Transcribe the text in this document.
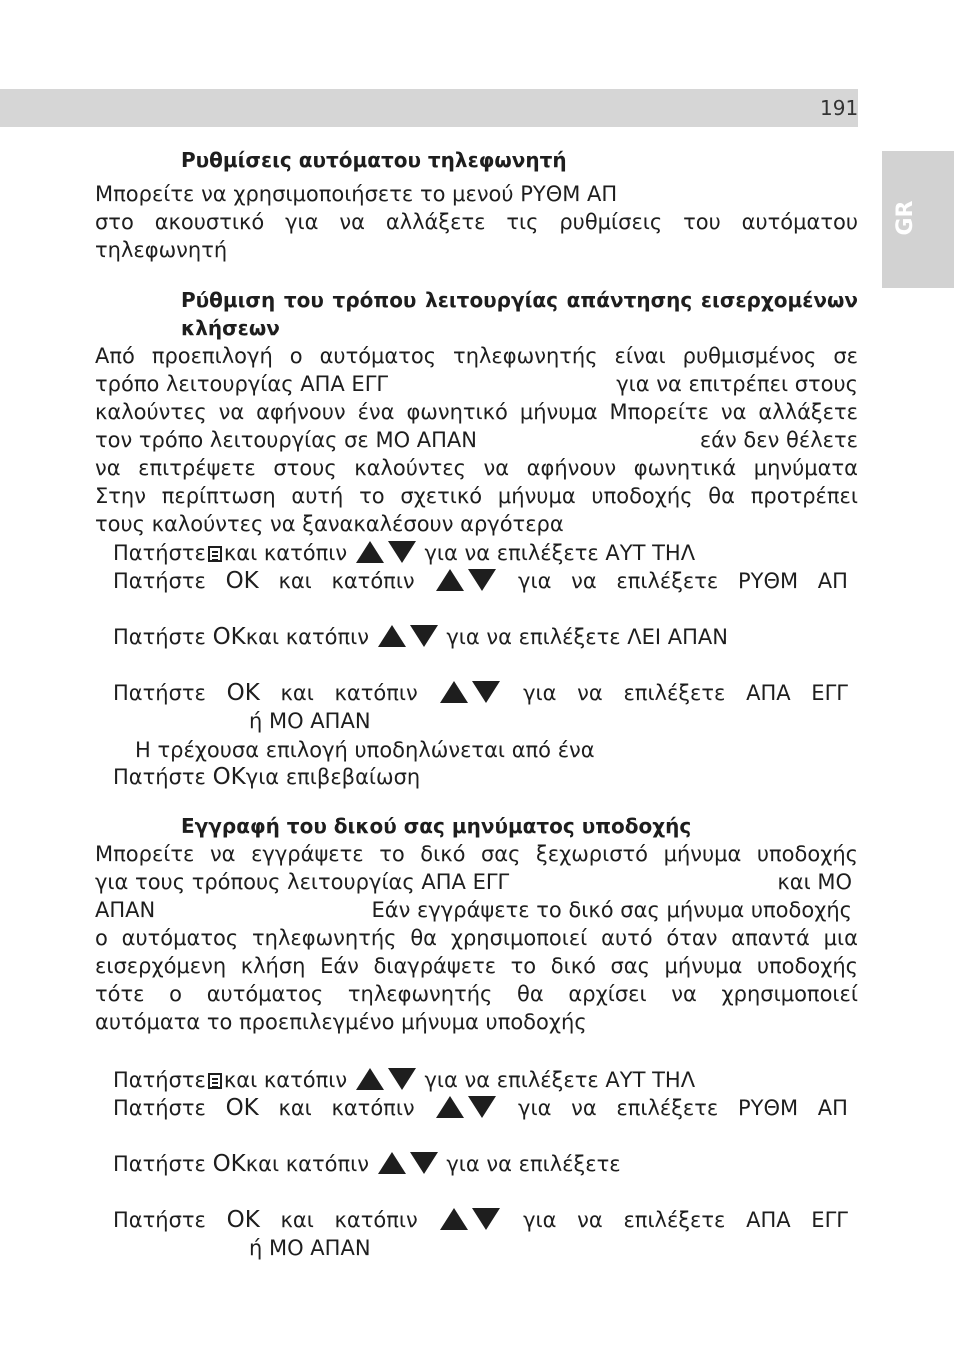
191
GR
Ρυθμίσεις αυτόματου τηλεφωνητή
Μπορείτε να χρησιμοποιήσετε το μενού ΡΥΘΜ ΑΠ
στο ακουστικό για να αλλάξετε τις ρυθμίσεις του αυτόματου
τηλεφωνητή
Ρύθμιση του τρόπου λειτουργίας απάντησης εισερχομένων
κλήσεων
Από προεπιλογή ο αυτόματος τηλεφωνητής είναι ρυθμισμένος σε
τρόπο λειτουργίας ΑΠΑ ΕΓΓ	για να επιτρέπει στους

καλούντες να αφήνουν ένα φωνητικό μήνυμα Μπορείτε να αλλάξετε
τον τρόπο λειτουργίας σε ΜΟ ΑΠΑΝ	εάν δεν θέλετε

να επιτρέψετε στους καλούντες να αφήνουν φωνητικά μηνύματα
Στην περίπτωση αυτή το σχετικό μήνυμα υποδοχής θα προτρέπει
τους καλούντες να ξανακαλέσουν αργότερα
Πατήστε και κατόπιν	για να επιλέξετε ΑΥΤ ΤΗΛ
Πατήστε OK και κατόπιν	για να επιλέξετε ΡΥΘΜ ΑΠ
Πατήστε OKκαι κατόπιν	για να επιλέξετε ΛΕΙ ΑΠΑΝ
Πατήστε OK και κατόπιν	για να επιλέξετε ΑΠΑ ΕΓΓ
ή ΜΟ ΑΠΑΝ
Η τρέχουσα επιλογή υποδηλώνεται από ένα
Πατήστε OKγια επιβεβαίωση
Εγγραφή του δικού σας μηνύματος υποδοχής
Μπορείτε να εγγράψετε το δικό σας ξεχωριστό μήνυμα υποδοχής
για τους τρόπους λειτουργίας ΑΠΑ ΕΓΓ	και ΜΟ

ΑΠΑΝ	Εάν εγγράψετε το δικό σας μήνυμα υποδοχής

ο αυτόματος τηλεφωνητής θα χρησιμοποιεί αυτό όταν απαντά μια
εισερχόμενη κλήση Εάν διαγράψετε το δικό σας μήνυμα υποδοχής
τότε ο αυτόματος τηλεφωνητής θα αρχίσει να χρησιμοποιεί
αυτόματα το προεπιλεγμένο μήνυμα υποδοχής
Πατήστε και κατόπιν	για να επιλέξετε ΑΥΤ ΤΗΛ
Πατήστε OK και κατόπιν	για να επιλέξετε ΡΥΘΜ ΑΠ
Πατήστε OKκαι κατόπιν	για να επιλέξετε
Πατήστε OK και κατόπιν	για να επιλέξετε ΑΠΑ ΕΓΓ
ή ΜΟ ΑΠΑΝ
